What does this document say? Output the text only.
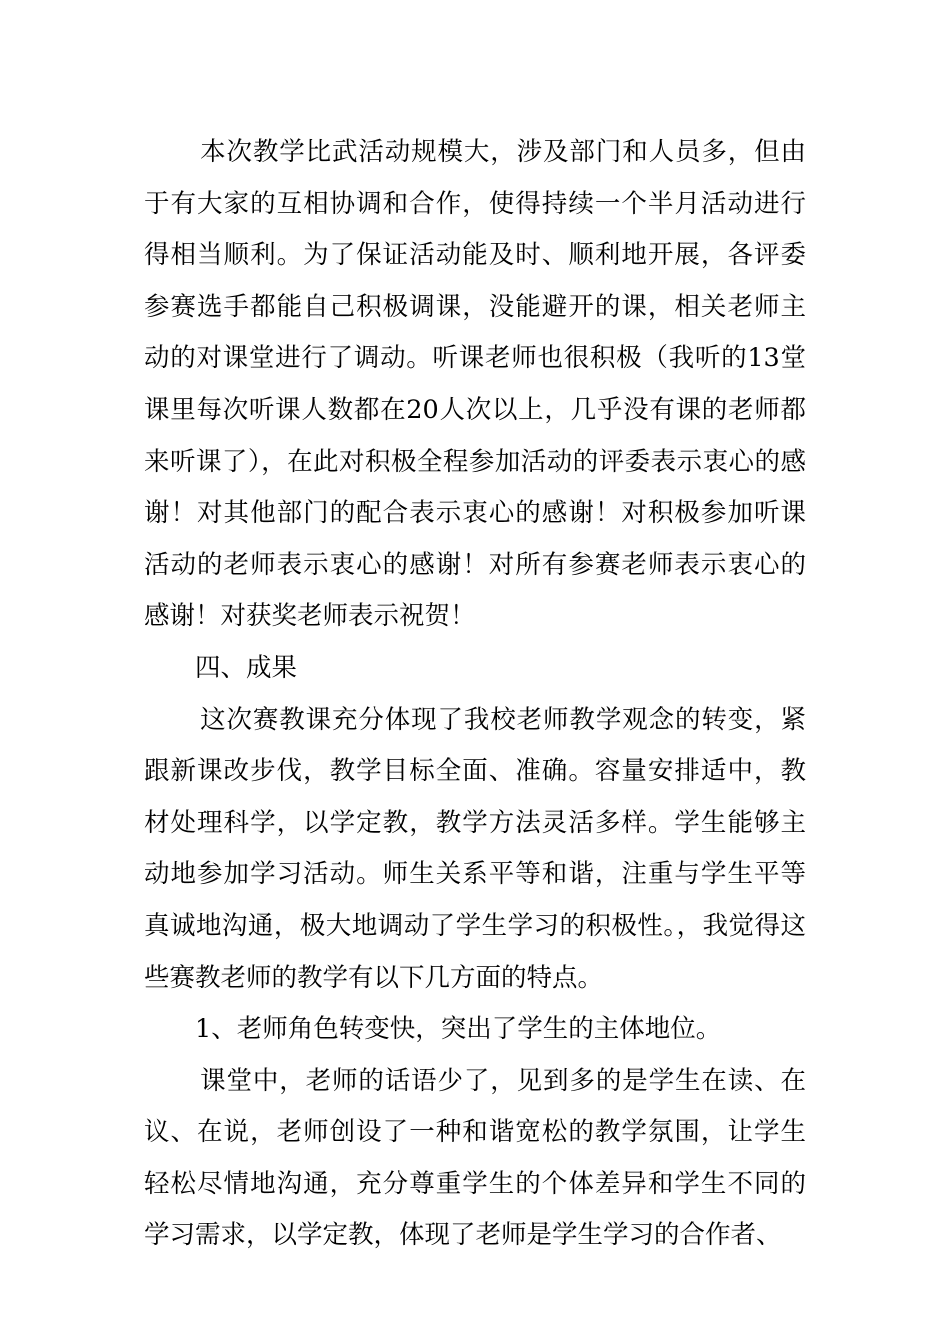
本次教学比武活动规模大，涉及部门和人员多，但由于有大家的互相协调和合作，使得持续一个半月活动进行得相当顺利。为了保证活动能及时、顺利地开展，各评委参赛选手都能自己积极调课，没能避开的课，相关老师主动的对课堂进行了调动。听课老师也很积极（我听的13堂课里每次听课人数都在20人次以上，几乎没有课的老师都来听课了），在此对积极全程参加活动的评委表示衷心的感谢！对其他部门的配合表示衷心的感谢！对积极参加听课活动的老师表示衷心的感谢！对所有参赛老师表示衷心的感谢！对获奖老师表示祝贺！

四、成果

这次赛教课充分体现了我校老师教学观念的转变，紧跟新课改步伐，教学目标全面、准确。容量安排适中，教材处理科学，以学定教，教学方法灵活多样。学生能够主动地参加学习活动。师生关系平等和谐，注重与学生平等真诚地沟通，极大地调动了学生学习的积极性。，我觉得这些赛教老师的教学有以下几方面的特点。

1、老师角色转变快，突出了学生的主体地位。

课堂中，老师的话语少了，见到多的是学生在读、在议、在说，老师创设了一种和谐宽松的教学氛围，让学生轻松尽情地沟通，充分尊重学生的个体差异和学生不同的学习需求，以学定教，体现了老师是学生学习的合作者、
